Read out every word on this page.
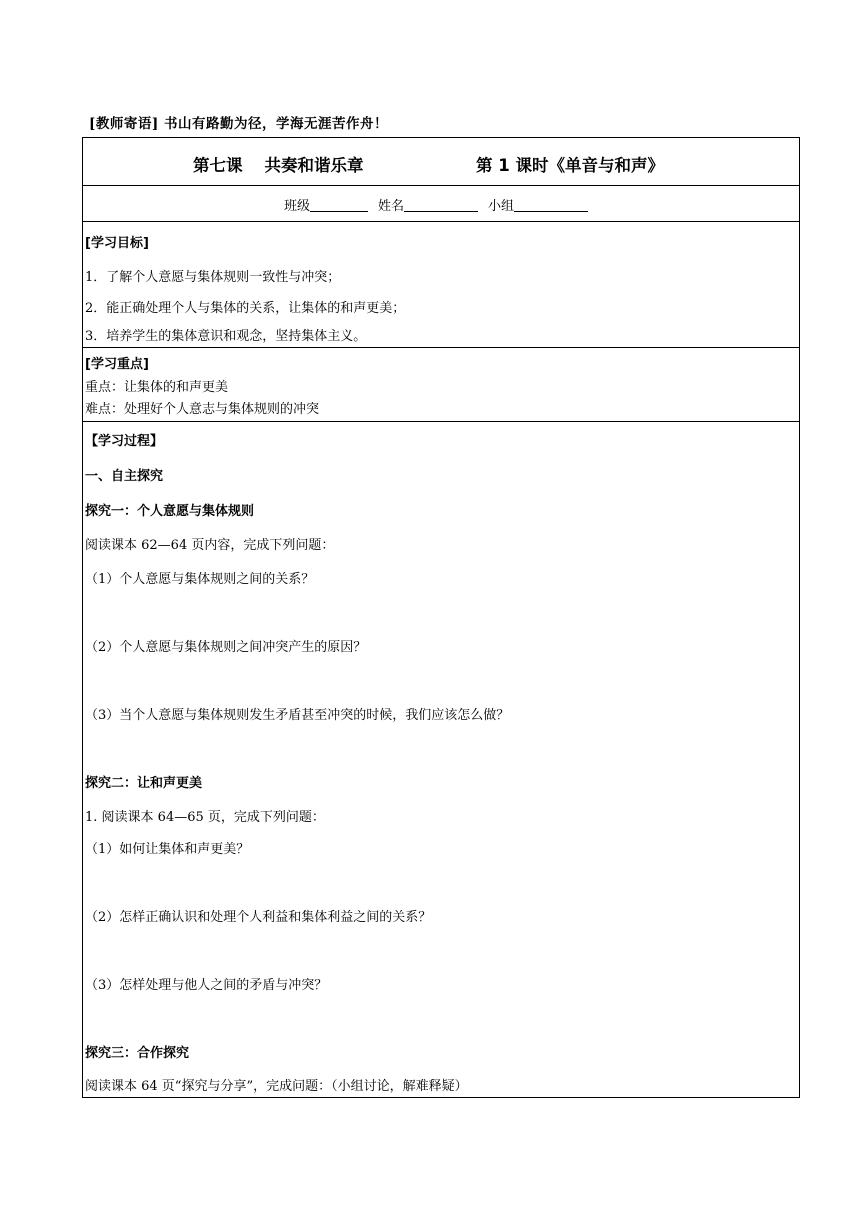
[教师寄语] 书山有路勤为径，学海无涯苦作舟！
第七课 共奏和谐乐章	第 1 课时《单音与和声》
班级	姓名	小组
[学习目标]
1．了解个人意愿与集体规则一致性与冲突；
2．能正确处理个人与集体的关系，让集体的和声更美；
3．培养学生的集体意识和观念，坚持集体主义。
[学习重点]
重点：让集体的和声更美
难点：处理好个人意志与集体规则的冲突
【学习过程】
一、自主探究
探究一：个人意愿与集体规则
阅读课本 62—64 页内容，完成下列问题：
（1）个人意愿与集体规则之间的关系？
（2）个人意愿与集体规则之间冲突产生的原因？
（3）当个人意愿与集体规则发生矛盾甚至冲突的时候，我们应该怎么做？
探究二：让和声更美
1. 阅读课本 64—65 页，完成下列问题：
（1）如何让集体和声更美？
（2）怎样正确认识和处理个人利益和集体利益之间的关系？
（3）怎样处理与他人之间的矛盾与冲突？
探究三：合作探究
阅读课本 64 页“探究与分享”，完成问题：（小组讨论，解难释疑）
